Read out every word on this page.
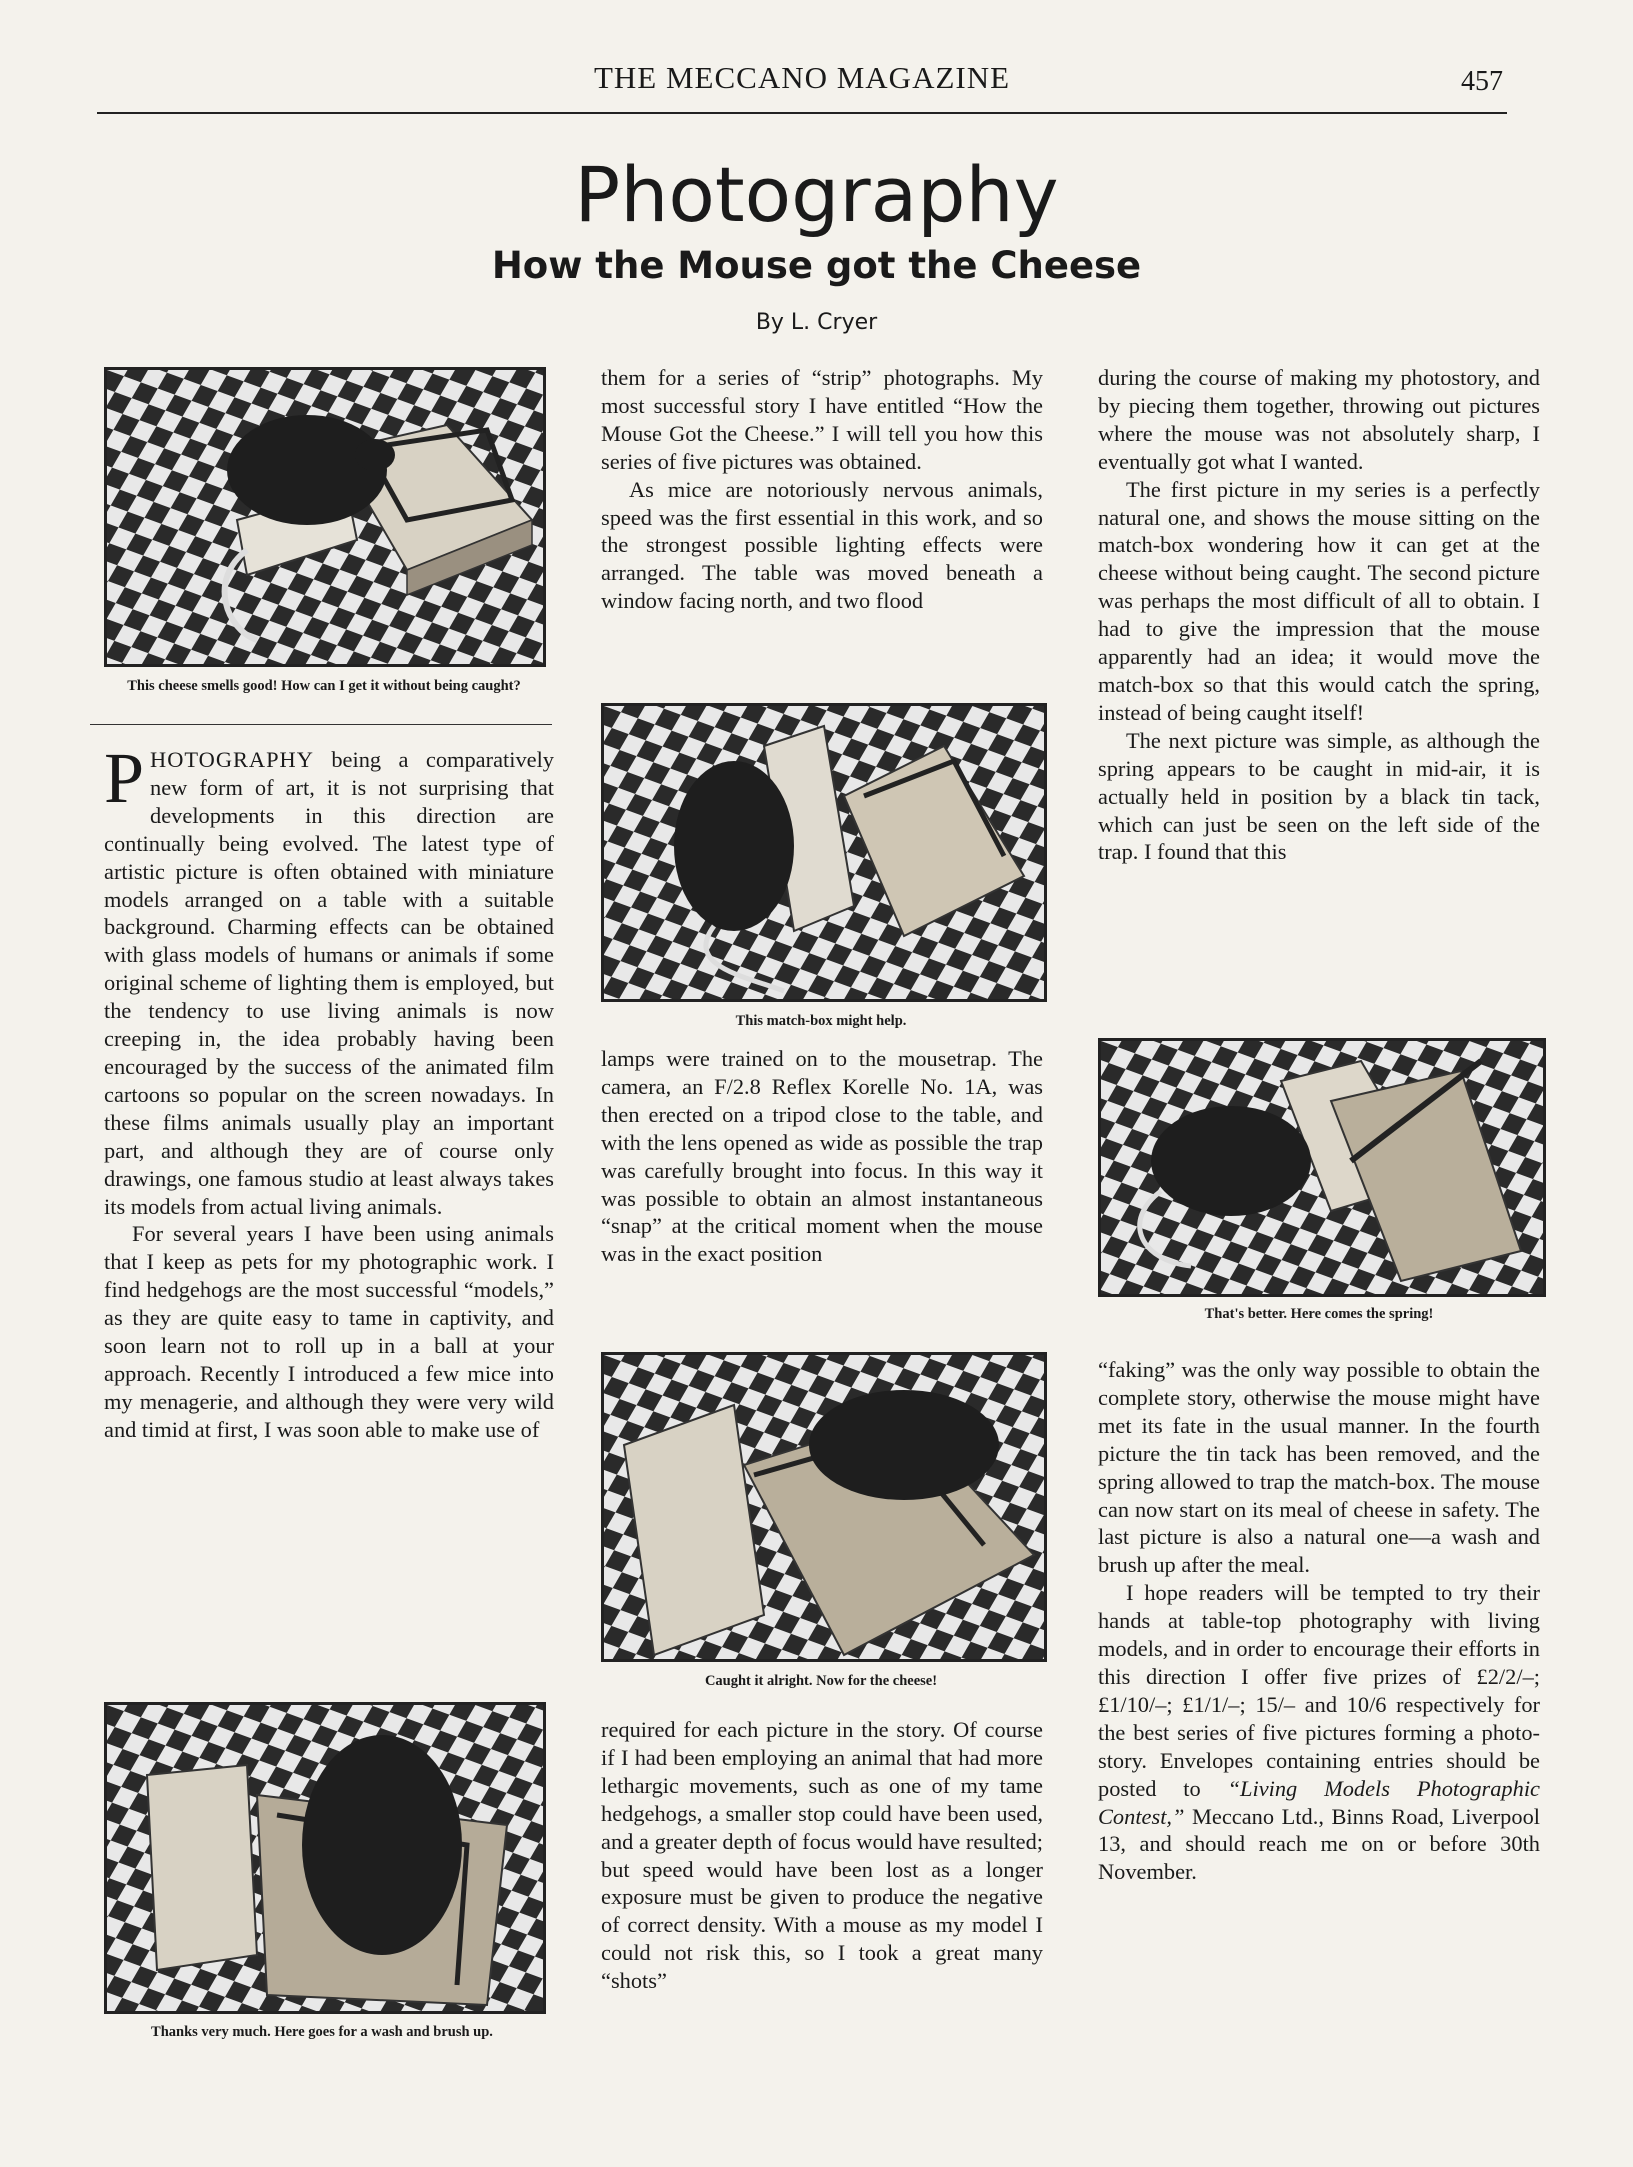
THE MECCANO MAGAZINE	457
Photography
How the Mouse got the Cheese
By L. Cryer
This cheese smells good! How can I get it without being caught?

PHOTOGRAPHY being a comparatively new form of art, it is not surprising that developments in this direction are continually being evolved. The latest type of artistic picture is often obtained with miniature models arranged on a table with a suitable background. Charming effects can be obtained with glass models of humans or animals if some original scheme of lighting them is employed, but the tendency to use living animals is now creeping in, the idea probably having been encouraged by the success of the animated film cartoons so popular on the screen nowadays. In these films animals usually play an important part, and although they are of course only drawings, one famous studio at least always takes its models from actual living animals.

For several years I have been using animals that I keep as pets for my photographic work. I find hedgehogs are the most successful “models,” as they are quite easy to tame in captivity, and soon learn not to roll up in a ball at your approach. Recently I introduced a few mice into my menagerie, and although they were very wild and timid at first, I was soon able to make use of

Thanks very much. Here goes for a wash and brush up.

them for a series of “strip” photographs. My most successful story I have entitled “How the Mouse Got the Cheese.” I will tell you how this series of five pictures was obtained.

As mice are notoriously nervous animals, speed was the first essential in this work, and so the strongest possible lighting effects were arranged. The table was moved beneath a window facing north, and two flood

This match-box might help.

lamps were trained on to the mousetrap. The camera, an F/2.8 Reflex Korelle No. 1A, was then erected on a tripod close to the table, and with the lens opened as wide as possible the trap was carefully brought into focus. In this way it was possible to obtain an almost instantaneous “snap” at the critical moment when the mouse was in the exact position

Caught it alright. Now for the cheese!

required for each picture in the story. Of course if I had been employing an animal that had more lethargic movements, such as one of my tame hedgehogs, a smaller stop could have been used, and a greater depth of focus would have resulted; but speed would have been lost as a longer exposure must be given to produce the negative of correct density. With a mouse as my model I could not risk this, so I took a great many “shots”

during the course of making my photostory, and by piecing them together, throwing out pictures where the mouse was not absolutely sharp, I eventually got what I wanted.

The first picture in my series is a perfectly natural one, and shows the mouse sitting on the match-box wondering how it can get at the cheese without being caught. The second picture was perhaps the most difficult of all to obtain. I had to give the impression that the mouse apparently had an idea; it would move the match-box so that this would catch the spring, instead of being caught itself!

The next picture was simple, as although the spring appears to be caught in mid-air, it is actually held in position by a black tin tack, which can just be seen on the left side of the trap. I found that this

That's better. Here comes the spring!

“faking” was the only way possible to obtain the complete story, otherwise the mouse might have met its fate in the usual manner. In the fourth picture the tin tack has been removed, and the spring allowed to trap the match-box. The mouse can now start on its meal of cheese in safety. The last picture is also a natural one—a wash and brush up after the meal.

I hope readers will be tempted to try their hands at table-top photography with living models, and in order to encourage their efforts in this direction I offer five prizes of £2/2/–; £1/10/–; £1/1/–; 15/– and 10/6 respectively for the best series of five pictures forming a photo-story. Envelopes containing entries should be posted to “Living Models Photographic Contest,” Meccano Ltd., Binns Road, Liverpool 13, and should reach me on or before 30th November.
